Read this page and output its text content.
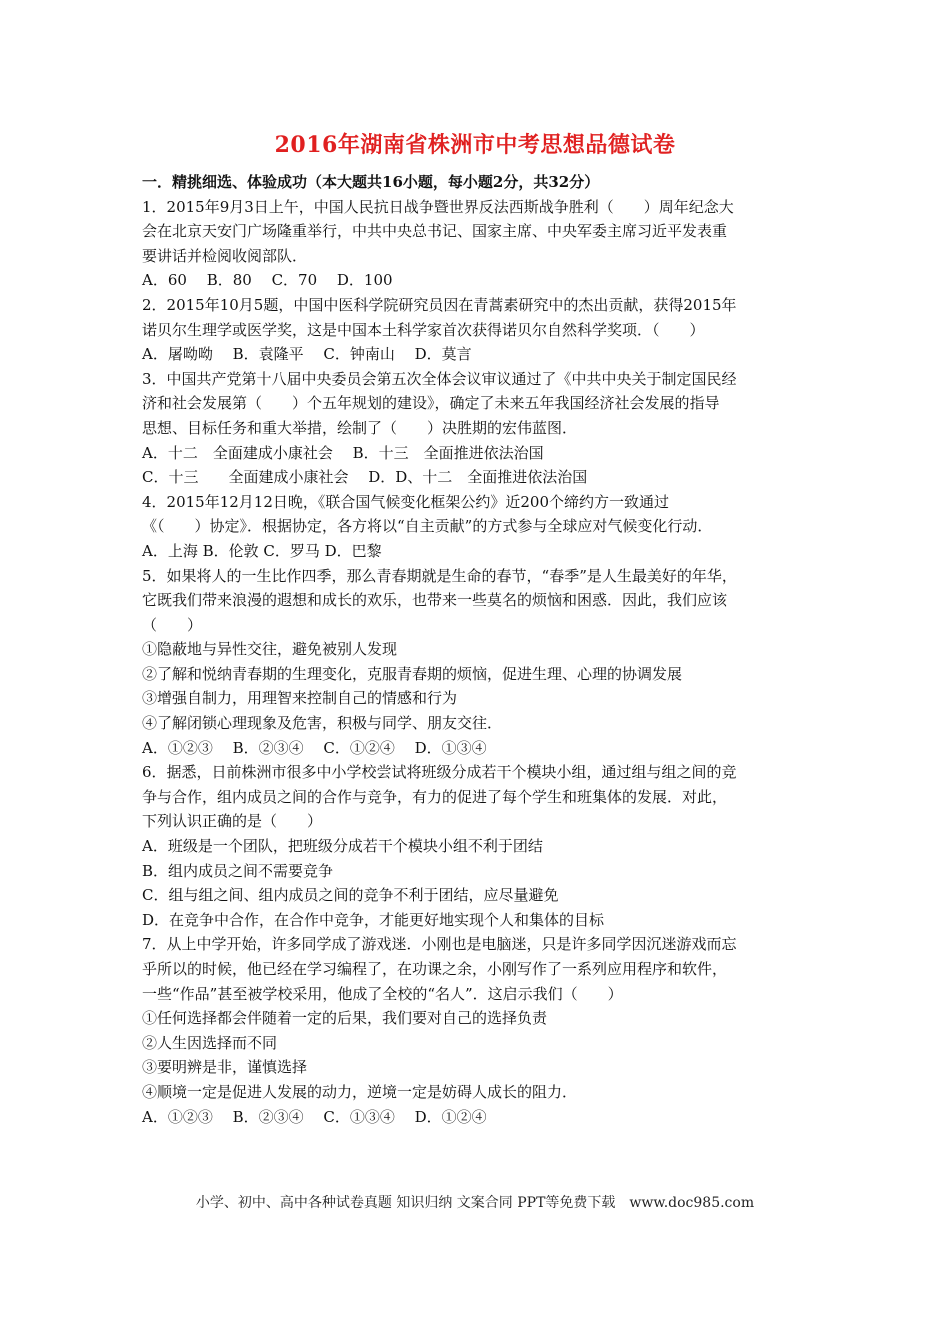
2016年湖南省株洲市中考思想品德试卷
一．精挑细选、体验成功（本大题共16小题，每小题2分，共32分）
1．2015年9月3日上午，中国人民抗日战争暨世界反法西斯战争胜利（　　）周年纪念大
会在北京天安门广场隆重举行，中共中央总书记、国家主席、中央军委主席习近平发表重
要讲话并检阅收阅部队．
A．60　 B．80　 C．70　 D．100
2．2015年10月5题，中国中医科学院研究员因在青蒿素研究中的杰出贡献，获得2015年
诺贝尔生理学或医学奖，这是中国本土科学家首次获得诺贝尔自然科学奖项．（　　）
A．屠呦呦　 B．袁隆平　 C．钟南山　 D．莫言
3．中国共产党第十八届中央委员会第五次全体会议审议通过了《中共中央关于制定国民经
济和社会发展第（　　）个五年规划的建设》，确定了未来五年我国经济社会发展的指导
思想、目标任务和重大举措，绘制了（　　）决胜期的宏伟蓝图．
A．十二　全面建成小康社会　 B．十三　全面推进依法治国
C．十三　　全面建成小康社会　 D．D、十二　全面推进依法治国
4．2015年12月12日晚，《联合国气候变化框架公约》近200个缔约方一致通过
《（　　）协定》．根据协定，各方将以“自主贡献”的方式参与全球应对气候变化行动．
A．上海 B．伦敦 C．罗马 D．巴黎
5．如果将人的一生比作四季，那么青春期就是生命的春节，“春季”是人生最美好的年华，
它既我们带来浪漫的遐想和成长的欢乐，也带来一些莫名的烦恼和困惑．因此，我们应该
（　　）
①隐蔽地与异性交往，避免被别人发现
②了解和悦纳青春期的生理变化，克服青春期的烦恼，促进生理、心理的协调发展
③增强自制力，用理智来控制自己的情感和行为
④了解闭锁心理现象及危害，积极与同学、朋友交往．
A．①②③　 B．②③④　 C．①②④　 D．①③④
6．据悉，日前株洲市很多中小学校尝试将班级分成若干个模块小组，通过组与组之间的竞
争与合作，组内成员之间的合作与竞争，有力的促进了每个学生和班集体的发展．对此，
下列认识正确的是（　　）
A．班级是一个团队，把班级分成若干个模块小组不利于团结
B．组内成员之间不需要竞争
C．组与组之间、组内成员之间的竞争不利于团结，应尽量避免
D．在竞争中合作，在合作中竞争，才能更好地实现个人和集体的目标
7．从上中学开始，许多同学成了游戏迷．小刚也是电脑迷，只是许多同学因沉迷游戏而忘
乎所以的时候，他已经在学习编程了，在功课之余，小刚写作了一系列应用程序和软件，
一些“作品”甚至被学校采用，他成了全校的“名人”．这启示我们（　　）
①任何选择都会伴随着一定的后果，我们要对自己的选择负责
②人生因选择而不同
③要明辨是非，谨慎选择
④顺境一定是促进人发展的动力，逆境一定是妨碍人成长的阻力．
A．①②③　 B．②③④　 C．①③④　 D．①②④
小学、初中、高中各种试卷真题 知识归纳 文案合同 PPT等免费下载　www.doc985.com
